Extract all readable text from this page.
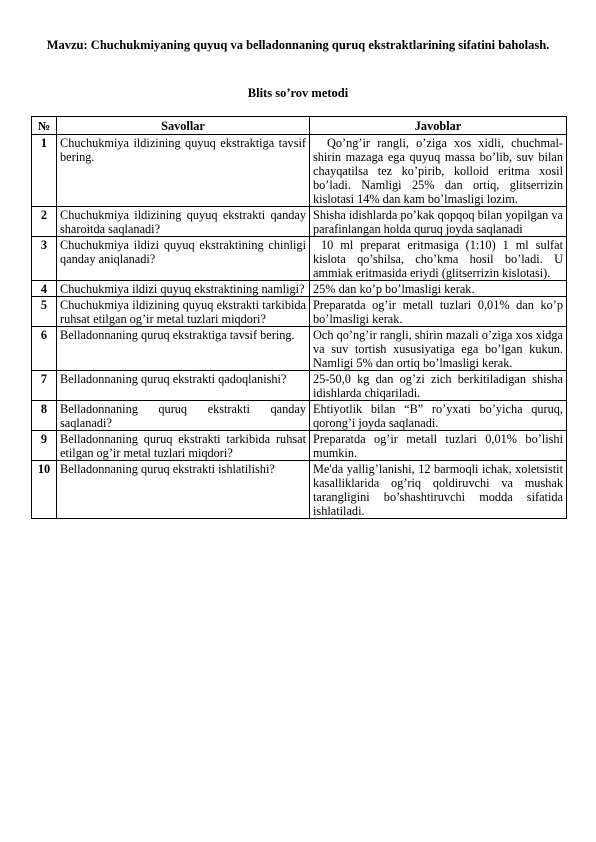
Mavzu: Chuchukmiyaning quyuq va belladonnaning quruq ekstraktlarining sifatini baholash.
Blits so’rov metodi
№	Savollar	Javoblar
1	Chuchukmiya ildizining quyuq ekstraktiga tavsif bering.	Qo’ng’ir rangli, o’ziga xos xidli, chuchmal-shirin mazaga ega quyuq massa bo’lib, suv bilan chayqatilsa tez ko’pirib, kolloid eritma xosil bo’ladi. Namligi 25% dan ortiq, glitserrizin kislotasi 14% dan kam bo’lmasligi lozim.
2	Chuchukmiya ildizining quyuq ekstrakti qanday sharoitda saqlanadi?	Shisha idishlarda po’kak qopqoq bilan yopilgan va parafinlangan holda quruq joyda saqlanadi
3	Chuchukmiya ildizi quyuq ekstraktining chinligi qanday aniqlanadi?	10 ml preparat eritmasiga (1:10) 1 ml sulfat kislota qo’shilsa, cho’kma hosil bo’ladi. U ammiak eritmasida eriydi (glitserrizin kislotasi).
4	Chuchukmiya ildizi quyuq ekstraktining namligi?	25% dan ko’p bo’lmasligi kerak.
5	Chuchukmiya ildizining quyuq ekstrakti tarkibida ruhsat etilgan og’ir metal tuzlari miqdori?	Preparatda og’ir metall tuzlari 0,01% dan ko’p bo’lmasligi kerak.
6	Belladonnaning quruq ekstraktiga tavsif bering.	Och qo’ng’ir rangli, shirin mazali o’ziga xos xidga va suv tortish xususiyatiga ega bo’lgan kukun. Namligi 5% dan ortiq bo’lmasligi kerak.
7	Belladonnaning quruq ekstrakti qadoqlanishi?	25-50,0 kg dan og’zi zich berkitiladigan shisha idishlarda chiqariladi.
8	Belladonnaning quruq ekstrakti qanday saqlanadi?	Ehtiyotlik bilan “B” ro’yxati bo’yicha quruq, qorong’i joyda saqlanadi.
9	Belladonnaning quruq ekstrakti tarkibida ruhsat etilgan og’ir metal tuzlari miqdori?	Preparatda og’ir metall tuzlari 0,01% bo’lishi mumkin.
10	Belladonnaning quruq ekstrakti ishlatilishi?	Me'da yallig’lanishi, 12 barmoqli ichak, xoletsistit kasalliklarida og’riq qoldiruvchi va mushak tarangligini bo’shashtiruvchi modda sifatida ishlatiladi.
